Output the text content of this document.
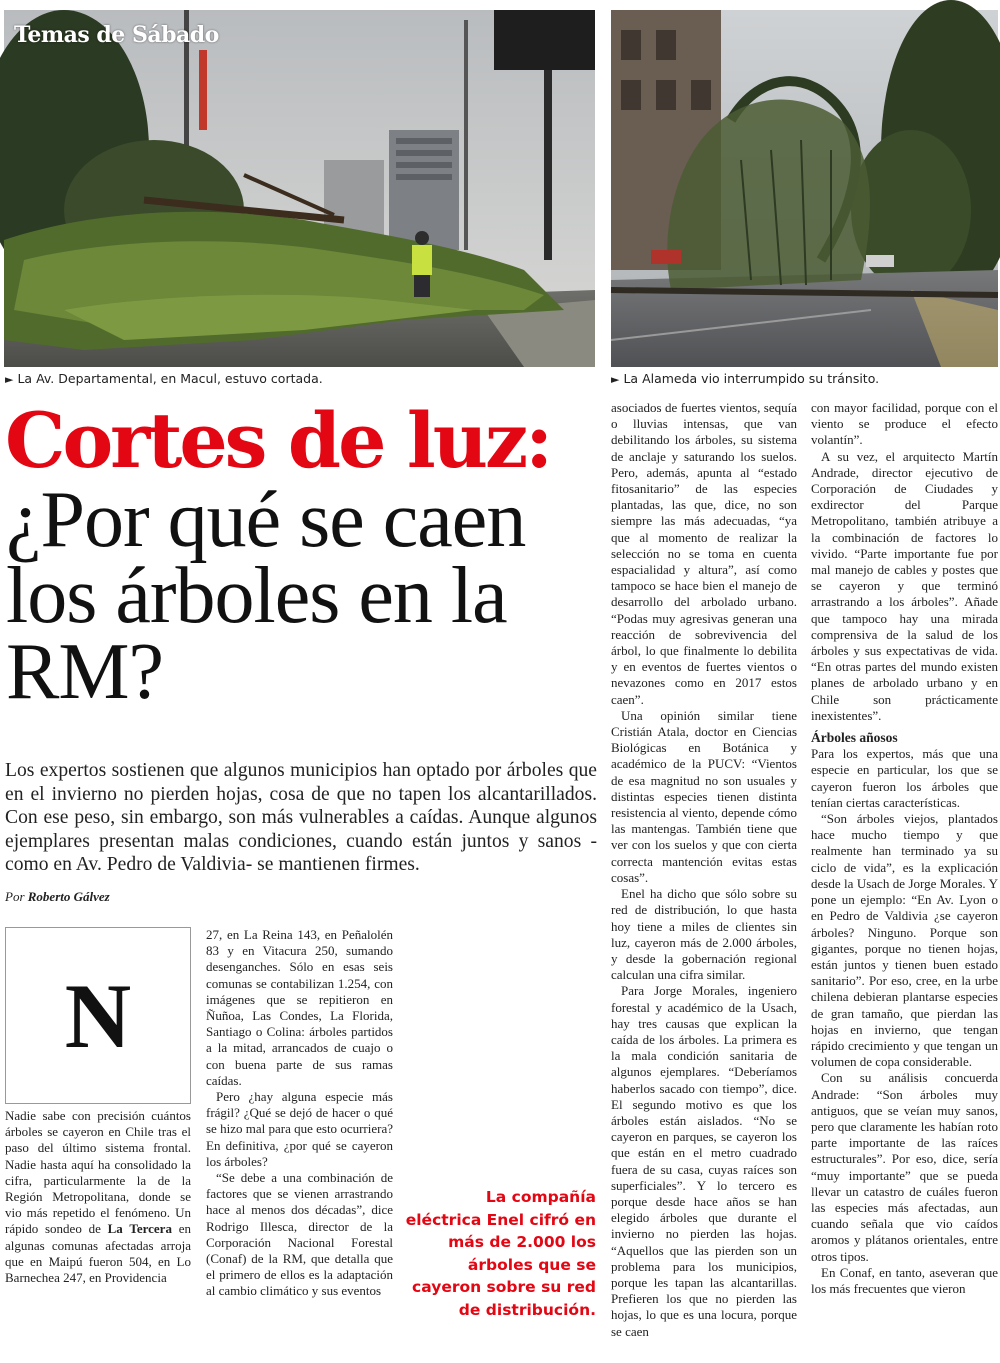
Temas de Sábado
► La Av. Departamental, en Macul, estuvo cortada.	► La Alameda vio interrumpido su tránsito.
Cortes de luz:
¿Por qué se caen los árboles en la RM?

Los expertos sostienen que algunos municipios han optado por árboles que en el invierno no pierden hojas, cosa de que no tapen los alcantarillados. Con ese peso, sin embargo, son más vulnerables a caídas. Aunque algunos ejemplares presentan malas condiciones, cuando están juntos y sanos -como en Av. Pedro de Valdivia- se mantienen firmes.

Por Roberto Gálvez
N

Nadie sabe con precisión cuántos árboles se cayeron en Chile tras el paso del último sistema frontal. Nadie hasta aquí ha consolidado la cifra, particularmente la de la Región Metropolitana, donde se vio más repetido el fenómeno. Un rápido sondeo de La Tercera en algunas comunas afectadas arroja que en Maipú fueron 504, en Lo Barnechea 247, en Providencia

27, en La Reina 143, en Peñalolén 83 y en Vitacura 250, sumando desenganches. Sólo en esas seis comunas se contabilizan 1.254, con imágenes que se repitieron en Ñuñoa, Las Condes, La Florida, Santiago o Colina: árboles partidos a la mitad, arrancados de cuajo o con buena parte de sus ramas caídas.

Pero ¿hay alguna especie más frágil? ¿Qué se dejó de hacer o qué se hizo mal para que esto ocurriera? En definitiva, ¿por qué se cayeron los árboles?

“Se debe a una combinación de factores que se vienen arrastrando hace al menos dos décadas”, dice Rodrigo Illesca, director de la Corporación Nacional Forestal (Conaf) de la RM, que detalla que el primero de ellos es la adaptación al cambio climático y sus eventos

La compañía eléctrica Enel cifró en más de 2.000 los árboles que se cayeron sobre su red de distribución.

asociados de fuertes vientos, sequía o lluvias intensas, que van debilitando los árboles, su sistema de anclaje y saturando los suelos. Pero, además, apunta al “estado fitosanitario” de las especies plantadas, las que, dice, no son siempre las más adecuadas, “ya que al momento de realizar la selección no se toma en cuenta espacialidad y altura”, así como tampoco se hace bien el manejo de desarrollo del arbolado urbano. “Podas muy agresivas generan una reacción de sobrevivencia del árbol, lo que finalmente lo debilita y en eventos de fuertes vientos o nevazones como en 2017 estos caen”.

Una opinión similar tiene Cristián Atala, doctor en Ciencias Biológicas en Botánica y académico de la PUCV: “Vientos de esa magnitud no son usuales y distintas especies tienen distinta resistencia al viento, depende cómo las mantengas. También tiene que ver con los suelos y que con cierta correcta mantención evitas estas cosas”.

Enel ha dicho que sólo sobre su red de distribución, lo que hasta hoy tiene a miles de clientes sin luz, cayeron más de 2.000 árboles, y desde la gobernación regional calculan una cifra similar.

Para Jorge Morales, ingeniero forestal y académico de la Usach, hay tres causas que explican la caída de los árboles. La primera es la mala condición sanitaria de algunos ejemplares. “Deberíamos haberlos sacado con tiempo”, dice. El segundo motivo es que los árboles están aislados. “No se cayeron en parques, se cayeron los que están en el metro cuadrado fuera de su casa, cuyas raíces son superficiales”. Y lo tercero es porque desde hace años se han elegido árboles que durante el invierno no pierden las hojas. “Aquellos que las pierden son un problema para los municipios, porque les tapan las alcantarillas. Prefieren los que no pierden las hojas, lo que es una locura, porque se caen

con mayor facilidad, porque con el viento se produce el efecto volantín”.

A su vez, el arquitecto Martín Andrade, director ejecutivo de Corporación de Ciudades y exdirector del Parque Metropolitano, también atribuye a la combinación de factores lo vivido. “Parte importante fue por mal manejo de cables y postes que se cayeron y que terminó arrastrando a los árboles”. Añade que tampoco hay una mirada comprensiva de la salud de los árboles y sus expectativas de vida. “En otras partes del mundo existen planes de arbolado urbano y en Chile son prácticamente inexistentes”.

Árboles añosos

Para los expertos, más que una especie en particular, los que se cayeron fueron los árboles que tenían ciertas características.

“Son árboles viejos, plantados hace mucho tiempo y que realmente han terminado ya su ciclo de vida”, es la explicación desde la Usach de Jorge Morales. Y pone un ejemplo: “En Av. Lyon o en Pedro de Valdivia ¿se cayeron árboles? Ninguno. Porque son gigantes, porque no tienen hojas, están juntos y tienen buen estado sanitario”. Por eso, cree, en la urbe chilena debieran plantarse especies de gran tamaño, que pierdan las hojas en invierno, que tengan rápido crecimiento y que tengan un volumen de copa considerable.

Con su análisis concuerda Andrade: “Son árboles muy antiguos, que se veían muy sanos, pero que claramente les habían roto parte importante de las raíces estructurales”. Por eso, dice, sería “muy importante” que se pueda llevar un catastro de cuáles fueron las especies más afectadas, aun cuando señala que vio caídos aromos y plátanos orientales, entre otros tipos.

En Conaf, en tanto, aseveran que los más frecuentes que vieron
